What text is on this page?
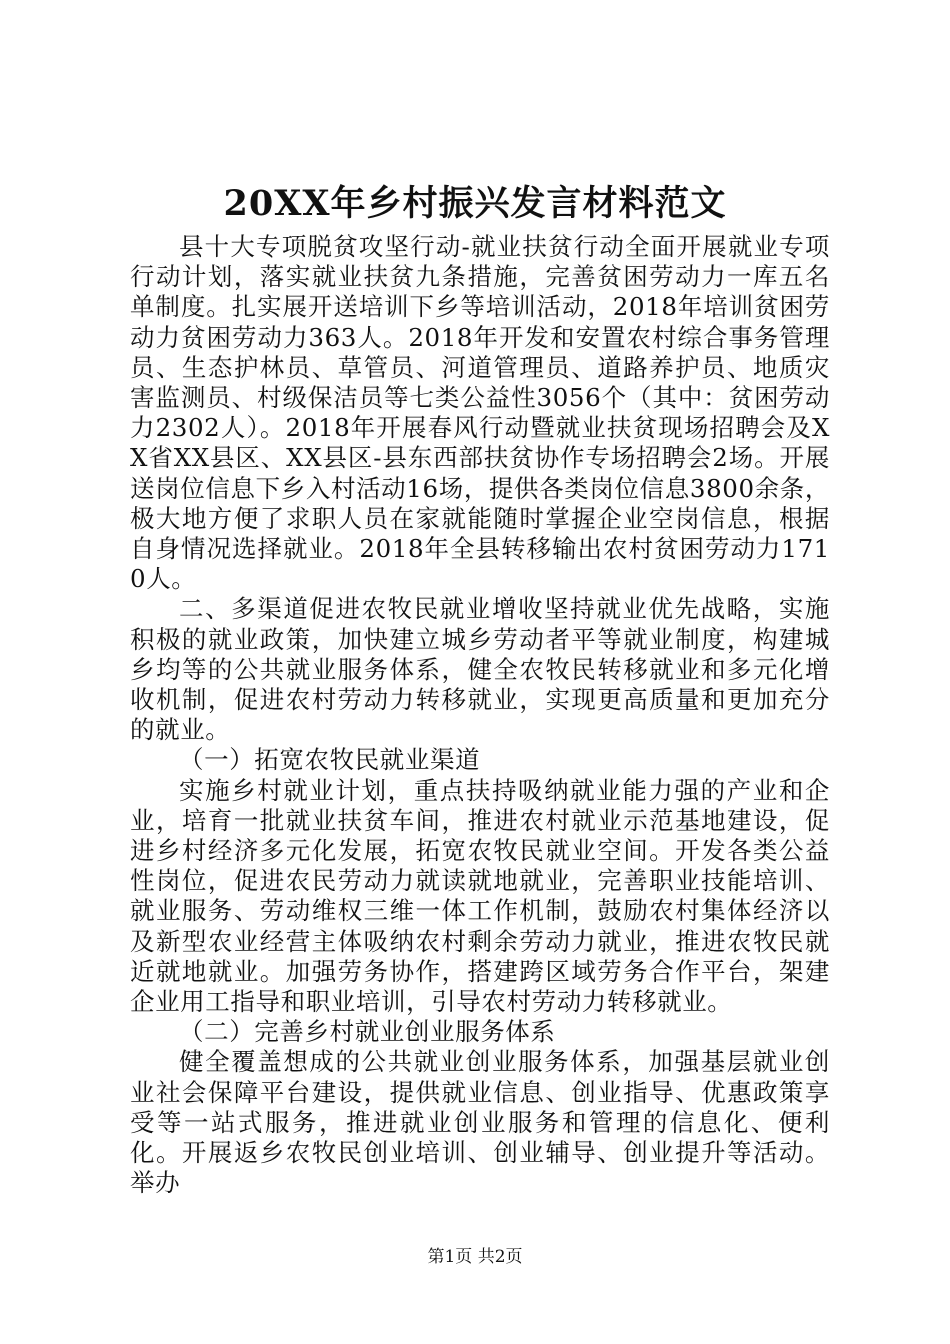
20XX年乡村振兴发言材料范文

县十大专项脱贫攻坚行动-就业扶贫行动全面开展就业专项行动计划，落实就业扶贫九条措施，完善贫困劳动力一库五名单制度。扎实展开送培训下乡等培训活动，2018年培训贫困劳动力贫困劳动力363人。2018年开发和安置农村综合事务管理员、生态护林员、草管员、河道管理员、道路养护员、地质灾害监测员、村级保洁员等七类公益性3056个（其中：贫困劳动力2302人）。2018年开展春风行动暨就业扶贫现场招聘会及XX省XX县区、XX县区-县东西部扶贫协作专场招聘会2场。开展送岗位信息下乡入村活动16场，提供各类岗位信息3800余条，极大地方便了求职人员在家就能随时掌握企业空岗信息，根据自身情况选择就业。2018年全县转移输出农村贫困劳动力1710人。

二、多渠道促进农牧民就业增收坚持就业优先战略，实施积极的就业政策，加快建立城乡劳动者平等就业制度，构建城乡均等的公共就业服务体系，健全农牧民转移就业和多元化增收机制，促进农村劳动力转移就业，实现更高质量和更加充分的就业。

（一）拓宽农牧民就业渠道

实施乡村就业计划，重点扶持吸纳就业能力强的产业和企业，培育一批就业扶贫车间，推进农村就业示范基地建设，促进乡村经济多元化发展，拓宽农牧民就业空间。开发各类公益性岗位，促进农民劳动力就读就地就业，完善职业技能培训、就业服务、劳动维权三维一体工作机制，鼓励农村集体经济以及新型农业经营主体吸纳农村剩余劳动力就业，推进农牧民就近就地就业。加强劳务协作，搭建跨区域劳务合作平台，架建企业用工指导和职业培训，引导农村劳动力转移就业。

（二）完善乡村就业创业服务体系

健全覆盖想成的公共就业创业服务体系，加强基层就业创业社会保障平台建设，提供就业信息、创业指导、优惠政策享受等一站式服务，推进就业创业服务和管理的信息化、便利化。开展返乡农牧民创业培训、创业辅导、创业提升等活动。举办

第1页 共2页
